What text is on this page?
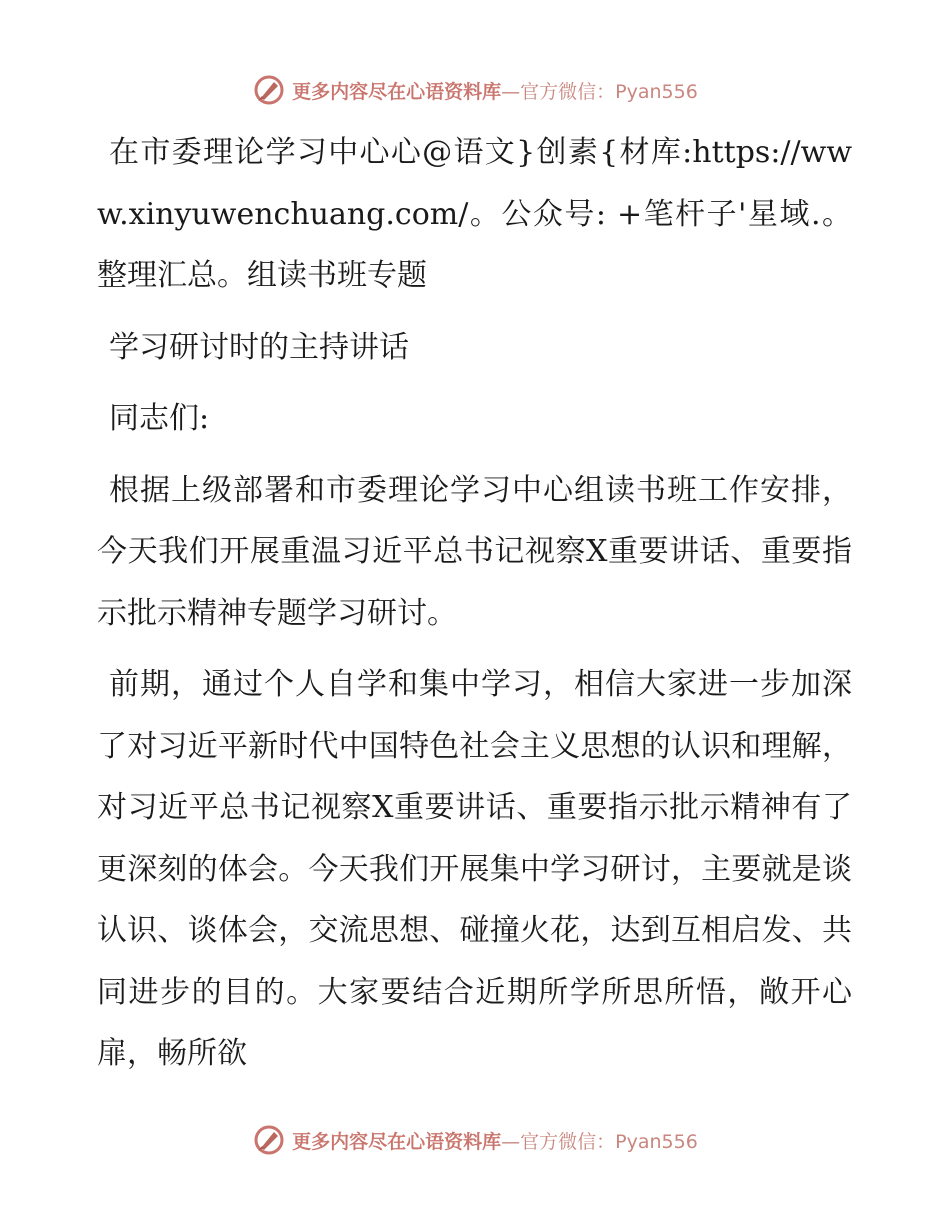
更多内容尽在心语资料库—官方微信：Pyan556

在市委理论学习中心心@语文}创素{材库:https://www.xinyuwenchuang.com/。公众号: +笔杆子'星域.。整理汇总。组读书班专题

学习研讨时的主持讲话

同志们:

根据上级部署和市委理论学习中心组读书班工作安排，今天我们开展重温习近平总书记视察X重要讲话、重要指示批示精神专题学习研讨。

前期，通过个人自学和集中学习，相信大家进一步加深了对习近平新时代中国特色社会主义思想的认识和理解，对习近平总书记视察X重要讲话、重要指示批示精神有了更深刻的体会。今天我们开展集中学习研讨，主要就是谈认识、谈体会，交流思想、碰撞火花，达到互相启发、共同进步的目的。大家要结合近期所学所思所悟，敞开心扉，畅所欲

更多内容尽在心语资料库—官方微信：Pyan556
